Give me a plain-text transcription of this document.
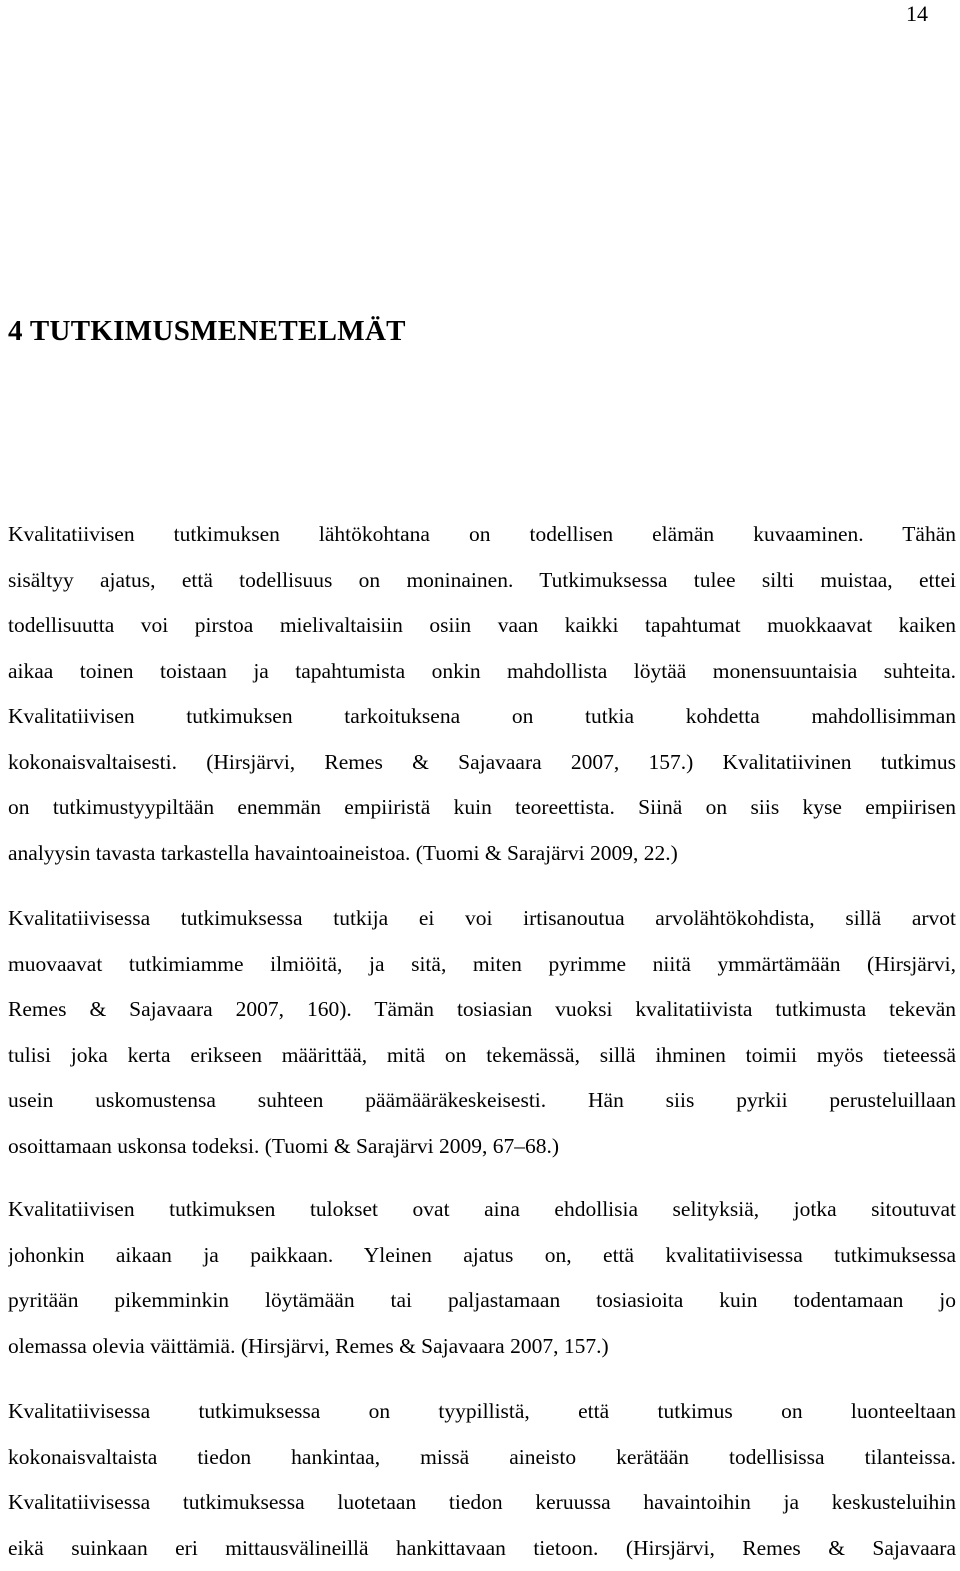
14
4 TUTKIMUSMENETELMÄT
Kvalitatiivisen tutkimuksen lähtökohtana on todellisen elämän kuvaaminen. Tähän
sisältyy ajatus, että todellisuus on moninainen. Tutkimuksessa tulee silti muistaa, ettei
todellisuutta voi pirstoa mielivaltaisiin osiin vaan kaikki tapahtumat muokkaavat kaiken
aikaa toinen toistaan ja tapahtumista onkin mahdollista löytää monensuuntaisia suhteita.
Kvalitatiivisen tutkimuksen tarkoituksena on tutkia kohdetta mahdollisimman
kokonaisvaltaisesti. (Hirsjärvi, Remes & Sajavaara 2007, 157.) Kvalitatiivinen tutkimus
on tutkimustyypiltään enemmän empiiristä kuin teoreettista. Siinä on siis kyse empiirisen
analyysin tavasta tarkastella havaintoaineistoa. (Tuomi & Sarajärvi 2009, 22.)
Kvalitatiivisessa tutkimuksessa tutkija ei voi irtisanoutua arvolähtökohdista, sillä arvot
muovaavat tutkimiamme ilmiöitä, ja sitä, miten pyrimme niitä ymmärtämään (Hirsjärvi,
Remes & Sajavaara 2007, 160). Tämän tosiasian vuoksi kvalitatiivista tutkimusta tekevän
tulisi joka kerta erikseen määrittää, mitä on tekemässä, sillä ihminen toimii myös tieteessä
usein uskomustensa suhteen päämääräkeskeisesti. Hän siis pyrkii perusteluillaan
osoittamaan uskonsa todeksi. (Tuomi & Sarajärvi 2009, 67–68.)
Kvalitatiivisen tutkimuksen tulokset ovat aina ehdollisia selityksiä, jotka sitoutuvat
johonkin aikaan ja paikkaan. Yleinen ajatus on, että kvalitatiivisessa tutkimuksessa
pyritään pikemminkin löytämään tai paljastamaan tosiasioita kuin todentamaan jo
olemassa olevia väittämiä. (Hirsjärvi, Remes & Sajavaara 2007, 157.)
Kvalitatiivisessa tutkimuksessa on tyypillistä, että tutkimus on luonteeltaan
kokonaisvaltaista tiedon hankintaa, missä aineisto kerätään todellisissa tilanteissa.
Kvalitatiivisessa tutkimuksessa luotetaan tiedon keruussa havaintoihin ja keskusteluihin
eikä suinkaan eri mittausvälineillä hankittavaan tietoon. (Hirsjärvi, Remes & Sajavaara
